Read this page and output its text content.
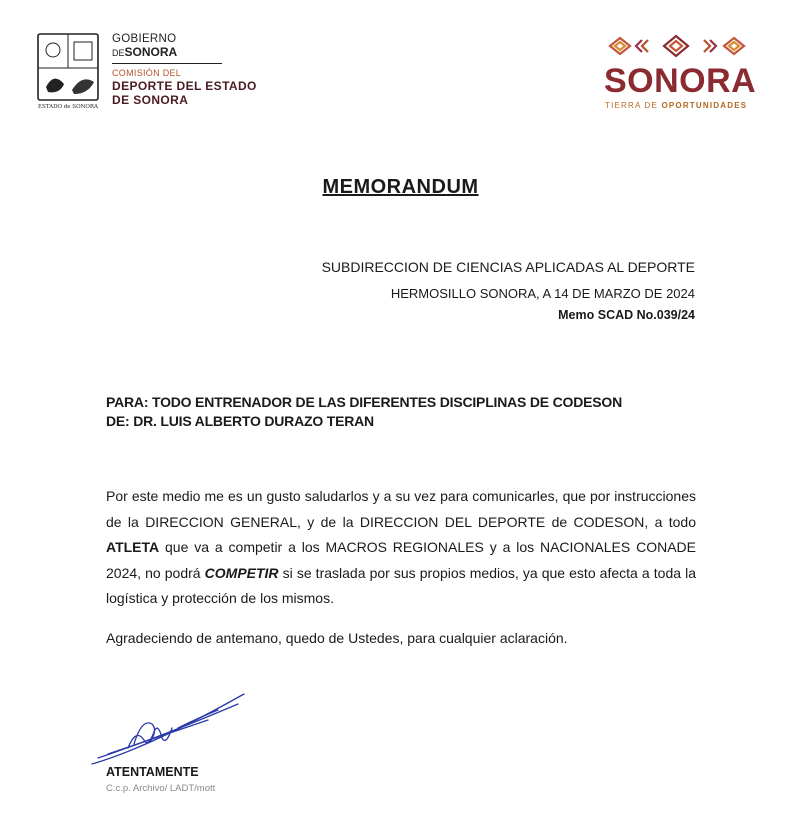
ESTADO de SONORA
GOBIERNO
DESONORA
COMISIÓN DEL
DEPORTE DEL ESTADO
DE SONORA	SONORA
TIERRA DE OPORTUNIDADES
MEMORANDUM
SUBDIRECCION DE CIENCIAS APLICADAS AL DEPORTE
HERMOSILLO SONORA, A 14 DE MARZO DE 2024
Memo SCAD No.039/24
PARA: TODO ENTRENADOR DE LAS DIFERENTES DISCIPLINAS DE CODESON
DE: DR. LUIS ALBERTO DURAZO TERAN
Por este medio me es un gusto saludarlos y a su vez para comunicarles, que por instrucciones de la DIRECCION GENERAL, y de la DIRECCION DEL DEPORTE de CODESON, a todo ATLETA que va a competir a los MACROS REGIONALES y a los NACIONALES CONADE 2024, no podrá COMPETIR si se traslada por sus propios medios, ya que esto afecta a toda la logística y protección de los mismos.
Agradeciendo de antemano, quedo de Ustedes, para cualquier aclaración.
ATENTAMENTE
C.c.p. Archivo/ LADT/mott
